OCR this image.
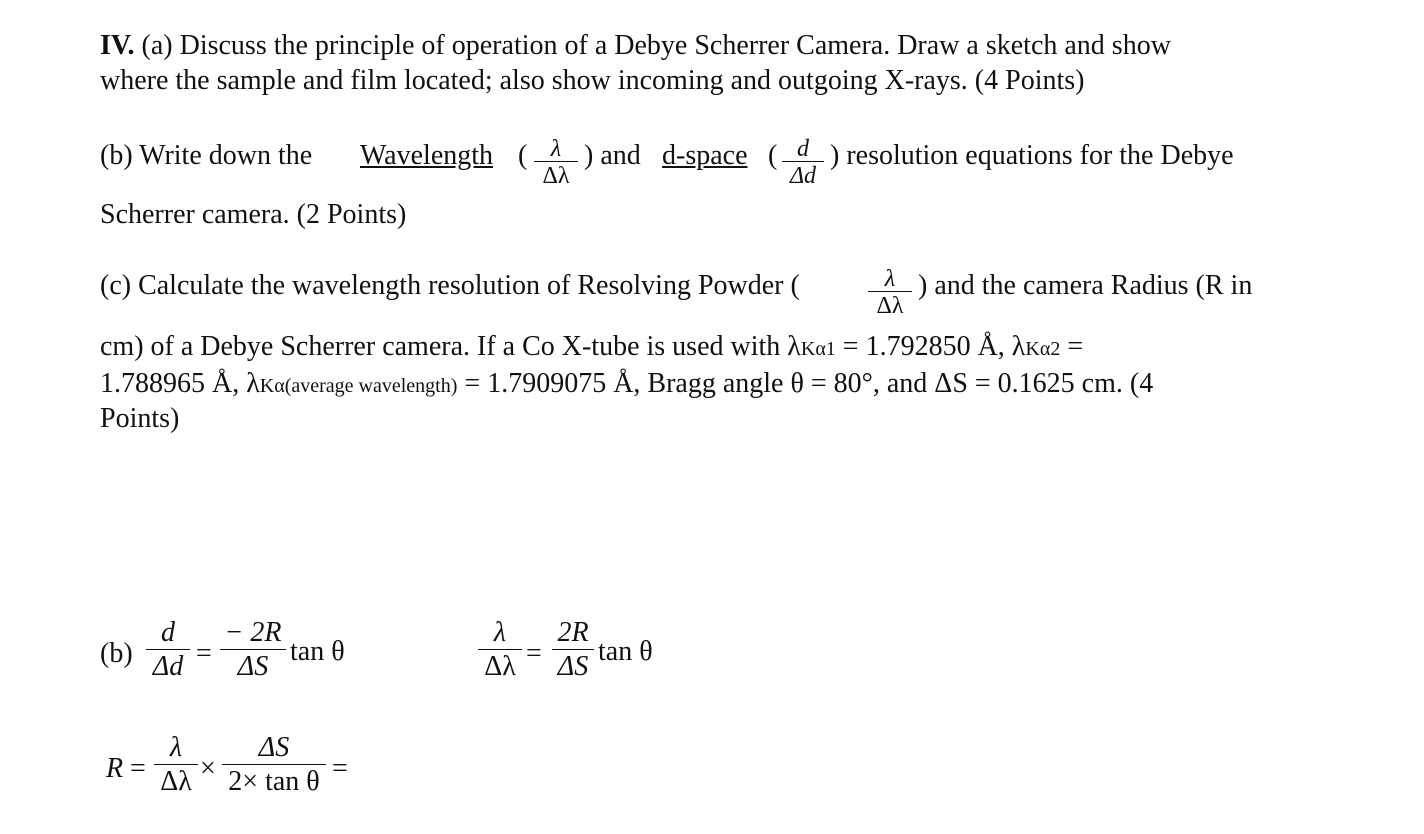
IV. (a) Discuss the principle of operation of a Debye Scherrer Camera. Draw a sketch and show
where the sample and film located; also show incoming and outgoing X-rays. (4 Points)
(b) Write down the Wavelength ( λ
Δλ
) and d-space ( d
Δd
) resolution equations for the Debye
Scherrer camera. (2 Points)
(c) Calculate the wavelength resolution of Resolving Powder (	λ
Δλ
) and the camera Radius (R in
cm) of a Debye Scherrer camera. If a Co X-tube is used with λKα1 = 1.792850 Å, λKα2 =
1.788965 Å, λKα(average wavelength) = 1.7909075 Å, Bragg angle θ = 80°, and ΔS = 0.1625 cm. (4
Points)
(b)
d
Δd =
− 2R
ΔS tan θ
λ
Δλ =
2R
ΔS tan θ
R =
λ
Δλ ×
ΔS
2× tan θ =
